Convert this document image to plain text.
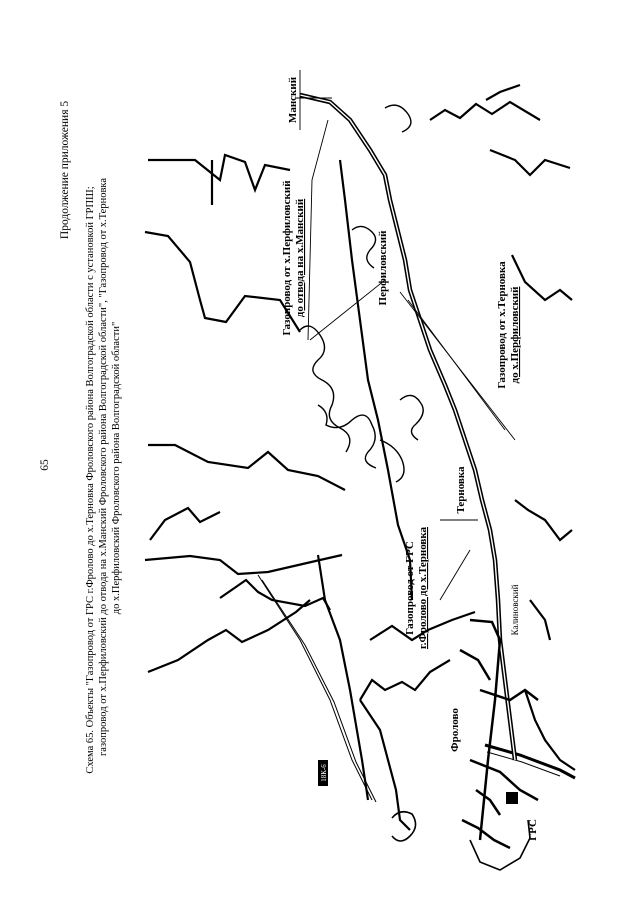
Продолжение приложения 5
65	Схема 65. Объекты "Газопровод от ГРС г.Фролово до х.Терновка Фроловского района Волгоградской области с установкой ГРПШ; газопровод от х.Перфиловский до отвода на х.Манский Фроловского района Волгоградской области", "Газопровод от х.Терновка до х.Перфиловский Фроловского района Волгоградской области"
Манский
Перфиловский
Терновка
Калиновский
Фролово
ГРС
18К-6
Газопровод от х.Перфиловский до отвода на х.Манский
Газопровод от х.Терновка до х.Перфиловский
Газопровод от ГРС г.Фролово до х.Терновка
